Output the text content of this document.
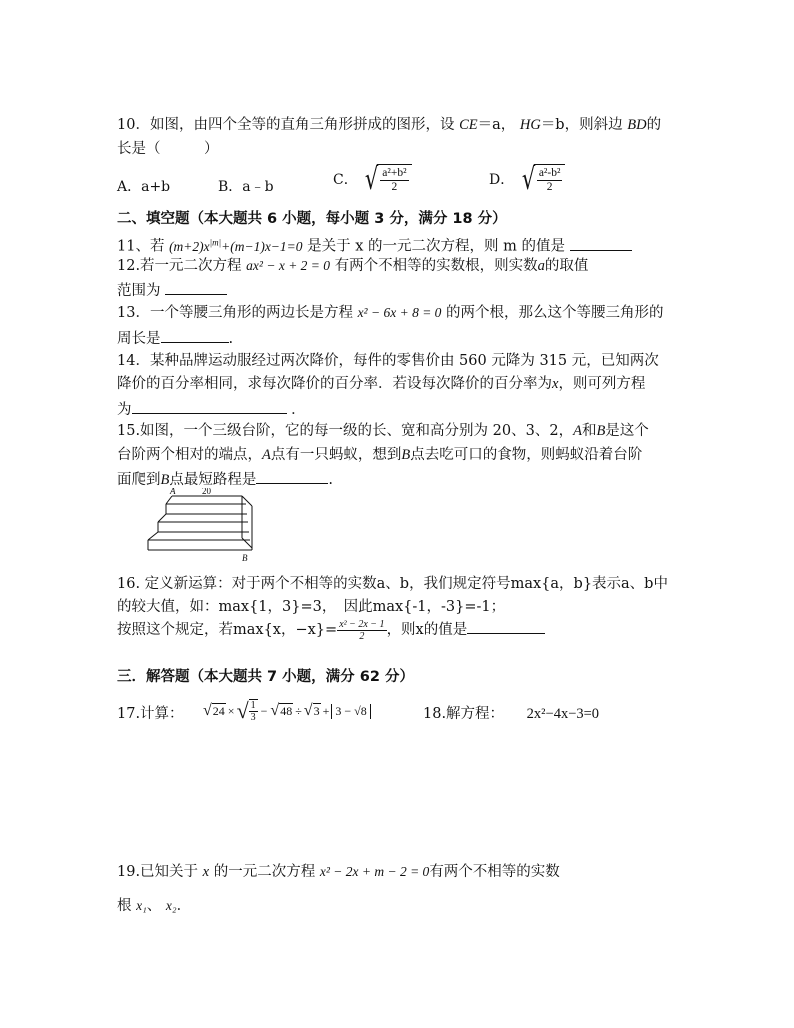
10．如图，由四个全等的直角三角形拼成的图形，设 CE＝a， HG＝b，则斜边 BD的
长是（　　　）
A．a+b	B．a﹣b	C． √ $\frac{\text{a²+b²}}{2}$	D． √ $\frac{\text{a²-b²}}{2}$
二、填空题（本大题共 6 小题，每小题 3 分，满分 18 分）
11、若 $(m+2)x^{|m|}+(m-1)x-1=0$ 是关于 x 的一元二次方程，则 m 的值是
12.若一元二次方程 ax² − x + 2 = 0 有两个不相等的实数根，则实数a的取值
范围为
13．一个等腰三角形的两边长是方程 x² − 6x + 8 = 0 的两个根，那么这个等腰三角形的
周长是	.
14．某种品牌运动服经过两次降价，每件的零售价由 560 元降为 315 元，已知两次
降价的百分率相同，求每次降价的百分率．若设每次降价的百分率为x，则可列方程
为	．
15.如图，一个三级台阶，它的每一级的长、宽和高分别为 20、3、2，A和B是这个
台阶两个相对的端点，A点有一只蚂蚁，想到B点去吃可口的食物，则蚂蚁沿着台阶
面爬到B点最短路程是	.
A	20
B
16. 定义新运算：对于两个不相等的实数a、b，我们规定符号max{a，b}表示a、b中
的较大值，如：max{1，3}=3，　因此max{-1，-3}=-1；
按照这个规定，若max{x，$-x\}= \frac{\text{x² − 2x − 1}}{2}$ ，则x的值是
三．解答题（本大题共 7 小题，满分 62 分）
17.计算： √ 24 × √ $\frac{1}{3}$ − √ 48 ÷ √ 3 + 3 − √8	18.解方程： 2x²−4x−3=0
19.已知关于 x 的一元二次方程 x² − 2x + m − 2 = 0有两个不相等的实数
根 x₁、 x₂．
